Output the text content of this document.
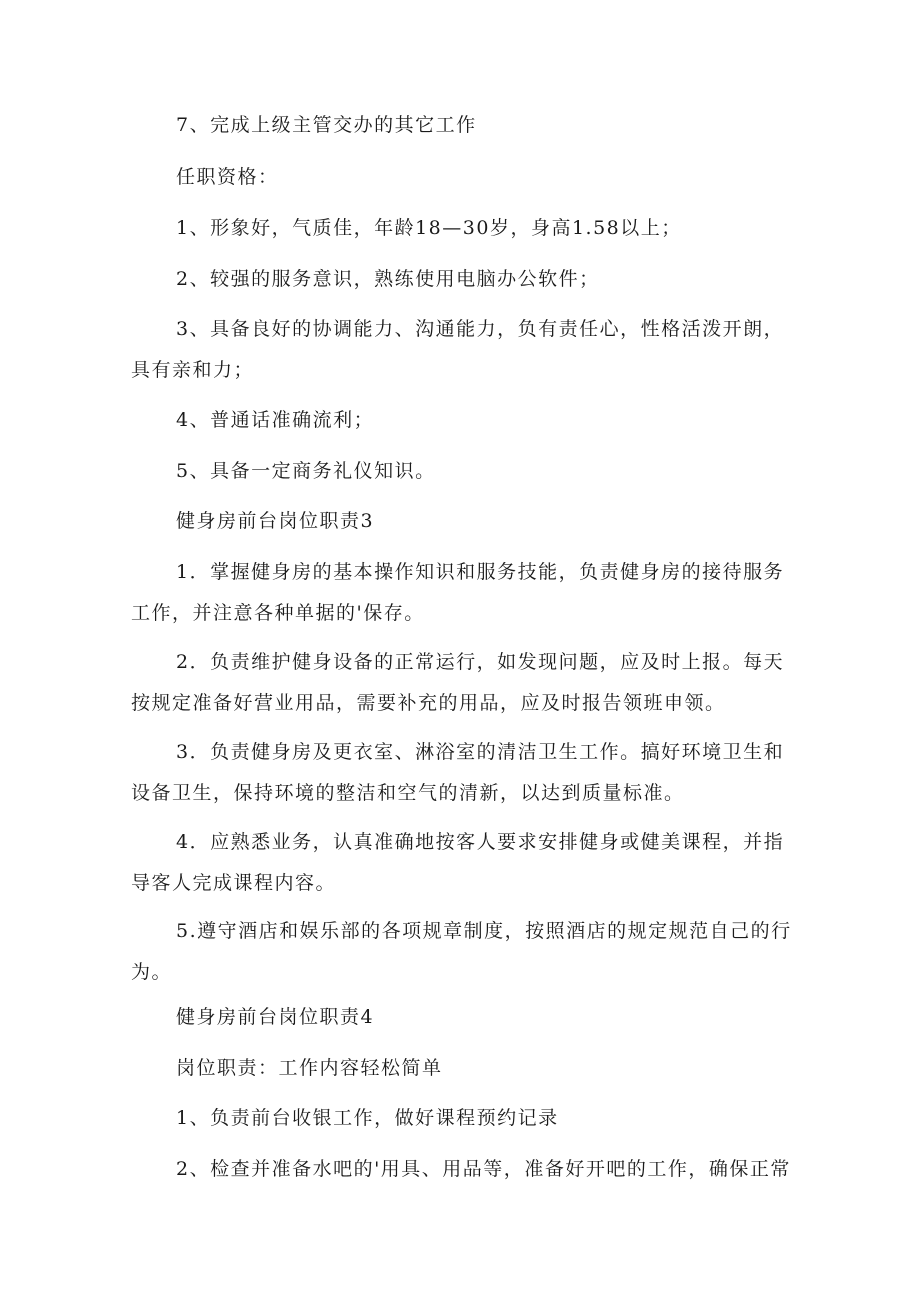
7、完成上级主管交办的其它工作

任职资格：

1、形象好，气质佳，年龄18—30岁，身高1.58以上；

2、较强的服务意识，熟练使用电脑办公软件；

3、具备良好的协调能力、沟通能力，负有责任心，性格活泼开朗，具有亲和力；

4、普通话准确流利；

5、具备一定商务礼仪知识。

健身房前台岗位职责3

1．掌握健身房的基本操作知识和服务技能，负责健身房的接待服务工作，并注意各种单据的'保存。

2．负责维护健身设备的正常运行，如发现问题，应及时上报。每天按规定准备好营业用品，需要补充的用品，应及时报告领班申领。

3．负责健身房及更衣室、淋浴室的清洁卫生工作。搞好环境卫生和设备卫生，保持环境的整洁和空气的清新，以达到质量标准。

4．应熟悉业务，认真准确地按客人要求安排健身或健美课程，并指导客人完成课程内容。

5.遵守酒店和娱乐部的各项规章制度，按照酒店的规定规范自己的行为。

健身房前台岗位职责4

岗位职责：工作内容轻松简单

1、负责前台收银工作，做好课程预约记录

2、检查并准备水吧的'用具、用品等，准备好开吧的工作，确保正常
